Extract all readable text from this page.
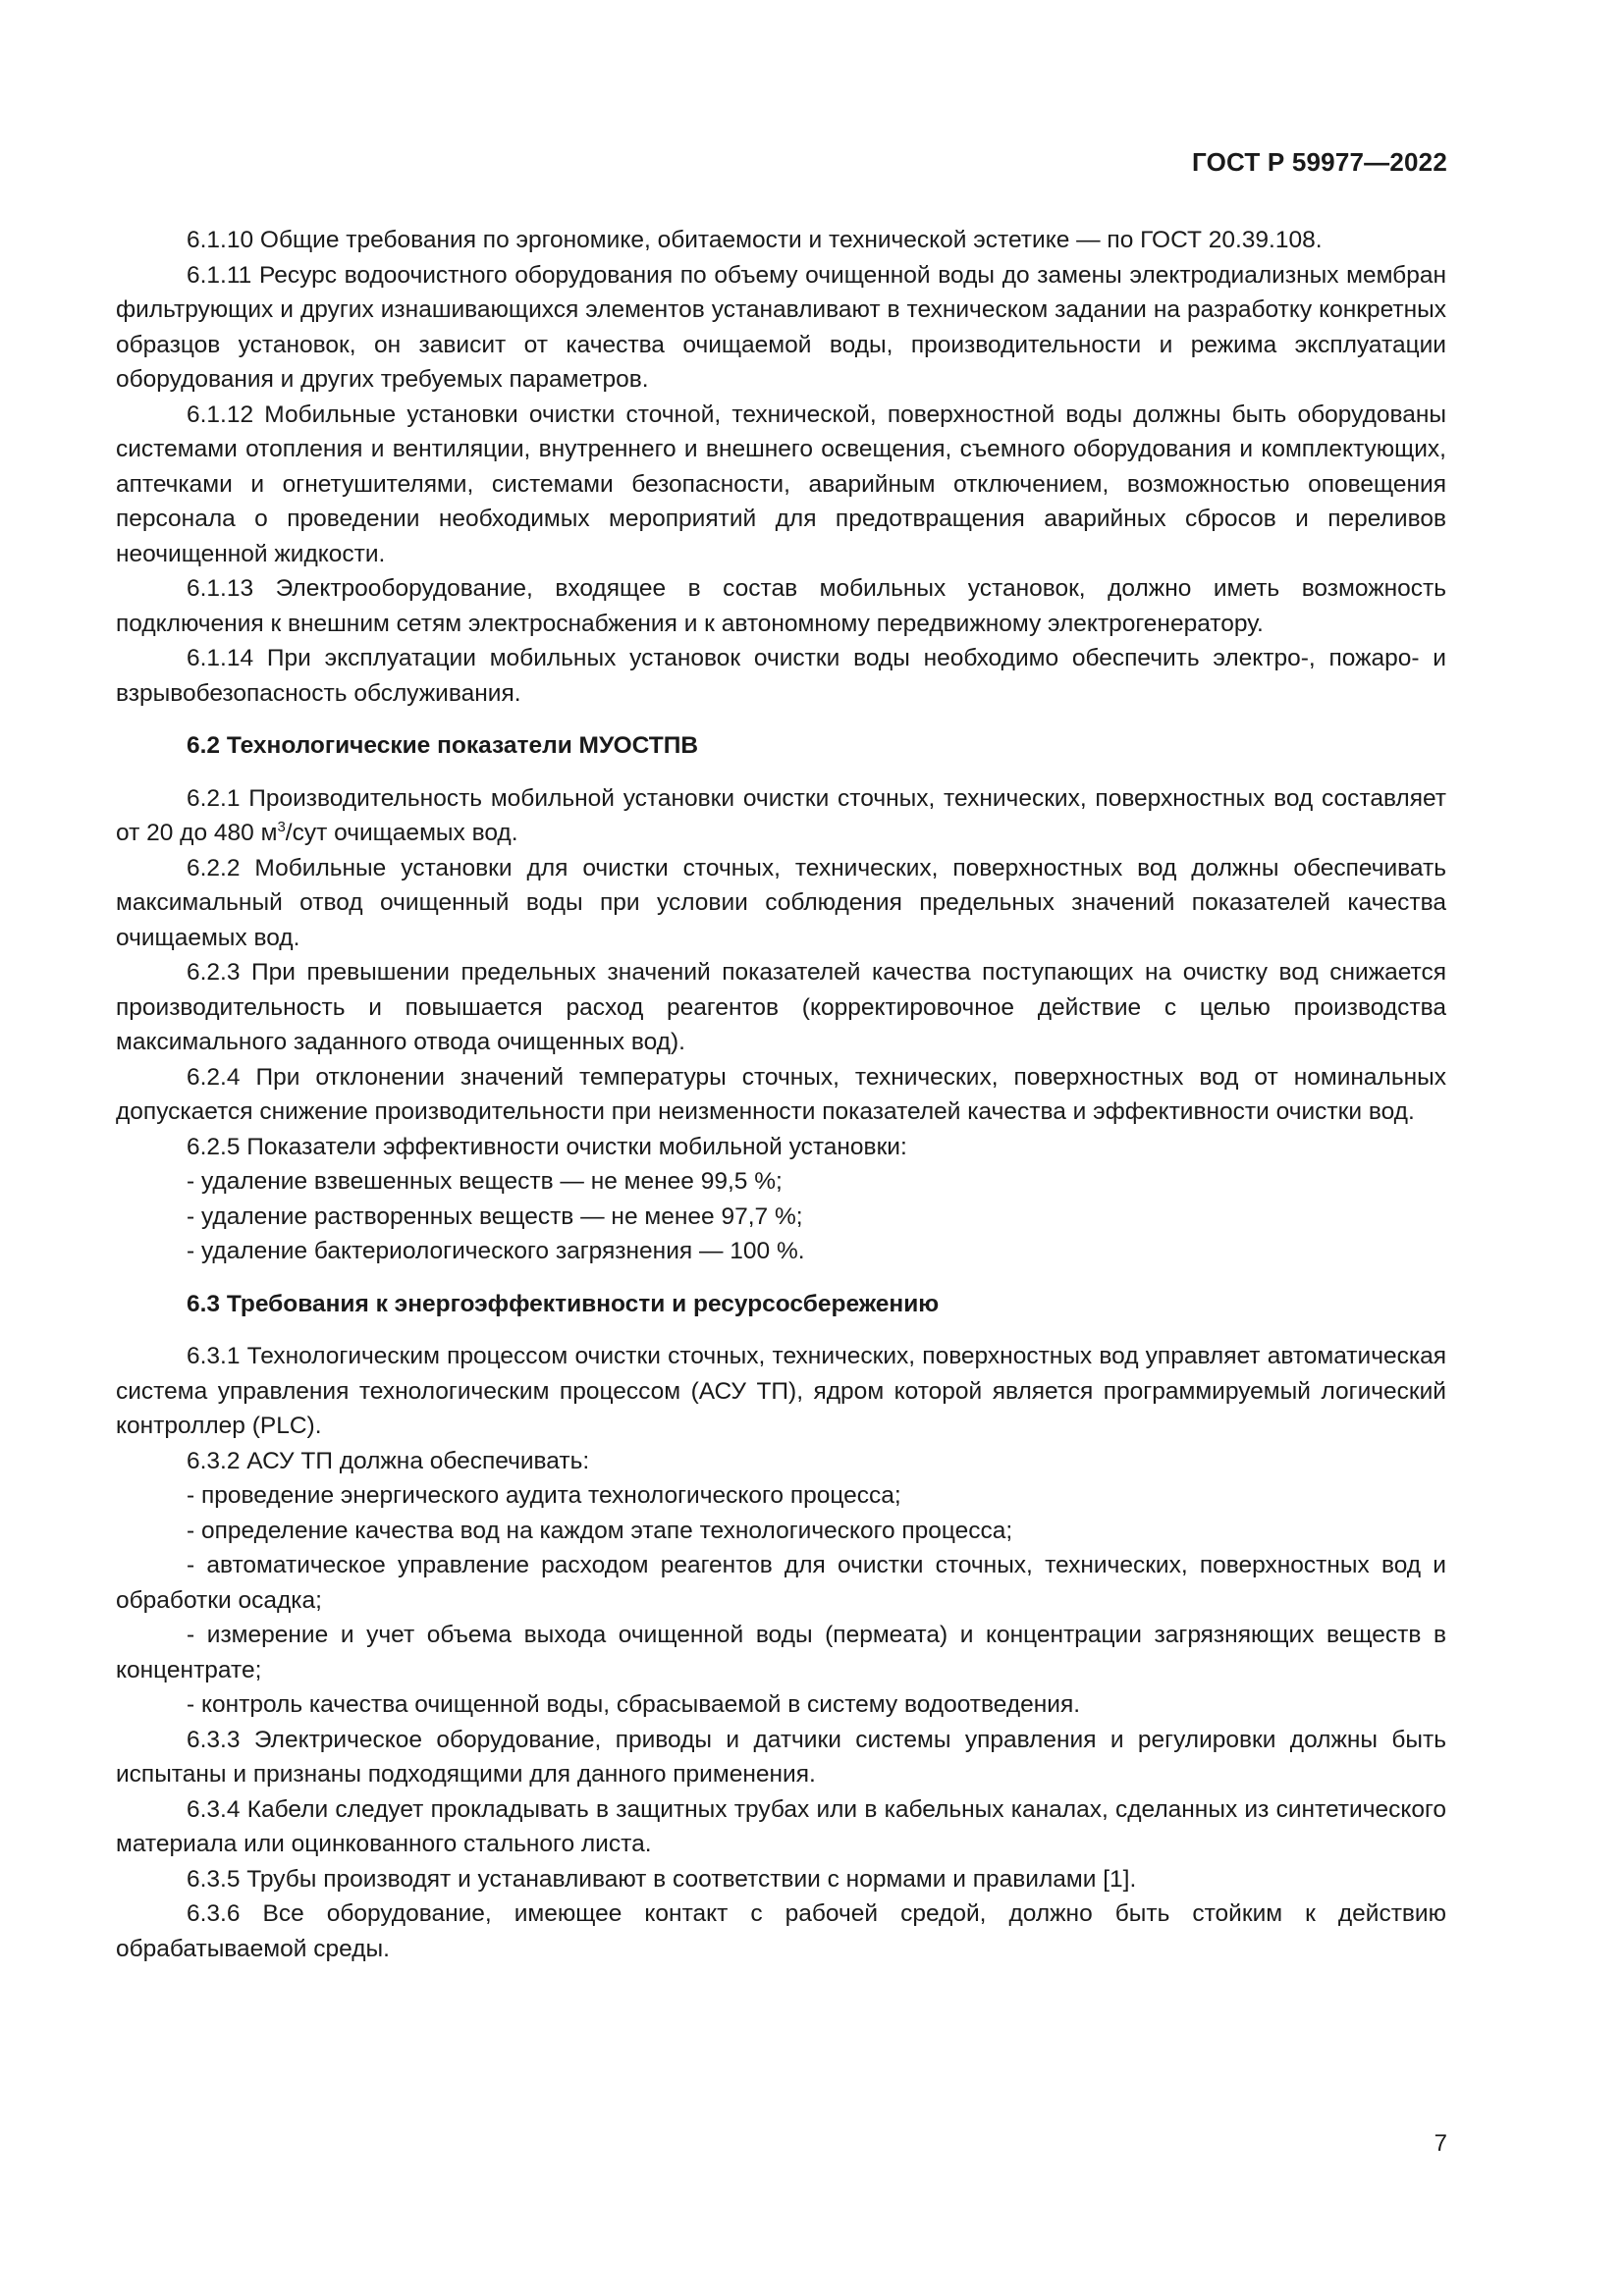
ГОСТ Р 59977—2022

6.1.10 Общие требования по эргономике, обитаемости и технической эстетике — по ГОСТ 20.39.108.

6.1.11 Ресурс водоочистного оборудования по объему очищенной воды до замены электродиализных мембран фильтрующих и других изнашивающихся элементов устанавливают в техническом задании на разработку конкретных образцов установок, он зависит от качества очищаемой воды, производительности и режима эксплуатации оборудования и других требуемых параметров.

6.1.12 Мобильные установки очистки сточной, технической, поверхностной воды должны быть оборудованы системами отопления и вентиляции, внутреннего и внешнего освещения, съемного оборудования и комплектующих, аптечками и огнетушителями, системами безопасности, аварийным отключением, возможностью оповещения персонала о проведении необходимых мероприятий для предотвращения аварийных сбросов и переливов неочищенной жидкости.

6.1.13 Электрооборудование, входящее в состав мобильных установок, должно иметь возможность подключения к внешним сетям электроснабжения и к автономному передвижному электрогенератору.

6.1.14 При эксплуатации мобильных установок очистки воды необходимо обеспечить электро-, пожаро- и взрывобезопасность обслуживания.

6.2 Технологические показатели МУОСТПВ

6.2.1 Производительность мобильной установки очистки сточных, технических, поверхностных вод составляет от 20 до 480 $м^3$/сут очищаемых вод.

6.2.2 Мобильные установки для очистки сточных, технических, поверхностных вод должны обеспечивать максимальный отвод очищенный воды при условии соблюдения предельных значений показателей качества очищаемых вод.

6.2.3 При превышении предельных значений показателей качества поступающих на очистку вод снижается производительность и повышается расход реагентов (корректировочное действие с целью производства максимального заданного отвода очищенных вод).

6.2.4 При отклонении значений температуры сточных, технических, поверхностных вод от номинальных допускается снижение производительности при неизменности показателей качества и эффективности очистки вод.

6.2.5 Показатели эффективности очистки мобильной установки:

- удаление взвешенных веществ — не менее 99,5 %;

- удаление растворенных веществ — не менее 97,7 %;

- удаление бактериологического загрязнения — 100 %.

6.3 Требования к энергоэффективности и ресурсосбережению

6.3.1 Технологическим процессом очистки сточных, технических, поверхностных вод управляет автоматическая система управления технологическим процессом (АСУ ТП), ядром которой является программируемый логический контроллер (PLC).

6.3.2 АСУ ТП должна обеспечивать:

- проведение энергического аудита технологического процесса;

- определение качества вод на каждом этапе технологического процесса;

- автоматическое управление расходом реагентов для очистки сточных, технических, поверхностных вод и обработки осадка;

- измерение и учет объема выхода очищенной воды (пермеата) и концентрации загрязняющих веществ в концентрате;

- контроль качества очищенной воды, сбрасываемой в систему водоотведения.

6.3.3 Электрическое оборудование, приводы и датчики системы управления и регулировки должны быть испытаны и признаны подходящими для данного применения.

6.3.4 Кабели следует прокладывать в защитных трубах или в кабельных каналах, сделанных из синтетического материала или оцинкованного стального листа.

6.3.5 Трубы производят и устанавливают в соответствии с нормами и правилами [1].

6.3.6 Все оборудование, имеющее контакт с рабочей средой, должно быть стойким к действию обрабатываемой среды.

7
